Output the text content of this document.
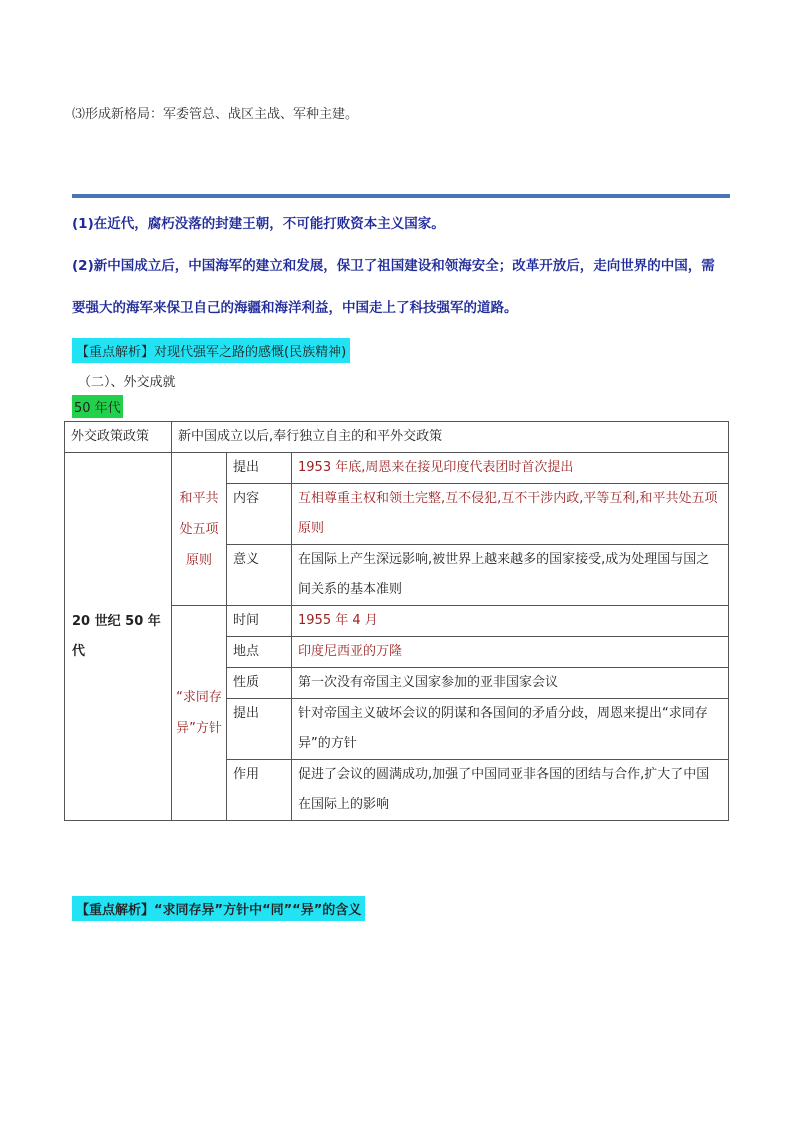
⑶形成新格局：军委管总、战区主战、军种主建。
(1)在近代，腐朽没落的封建王朝，不可能打败资本主义国家。
(2)新中国成立后，中国海军的建立和发展，保卫了祖国建设和领海安全；改革开放后，走向世界的中国，需
要强大的海军来保卫自己的海疆和海洋利益，中国走上了科技强军的道路。
【重点解析】对现代强军之路的感慨(民族精神)
（二）、外交成就
50 年代
外交政策政策	新中国成立以后,奉行独立自主的和平外交政策		
20 世纪 50 年代	和平共处五项原则	提出	1953 年底,周恩来在接见印度代表团时首次提出
		内容	互相尊重主权和领土完整,互不侵犯,互不干涉内政,平等互利,和平共处五项原则
		意义	在国际上产生深远影响,被世界上越来越多的国家接受,成为处理国与国之间关系的基本准则
	“求同存异”方针	时间	1955 年 4 月
		地点	印度尼西亚的万隆
		性质	第一次没有帝国主义国家参加的亚非国家会议
		提出	针对帝国主义破坏会议的阴谋和各国间的矛盾分歧，周恩来提出“求同存异”的方针
		作用	促进了会议的圆满成功,加强了中国同亚非各国的团结与合作,扩大了中国在国际上的影响
【重点解析】“求同存异”方针中“同”“异”的含义
